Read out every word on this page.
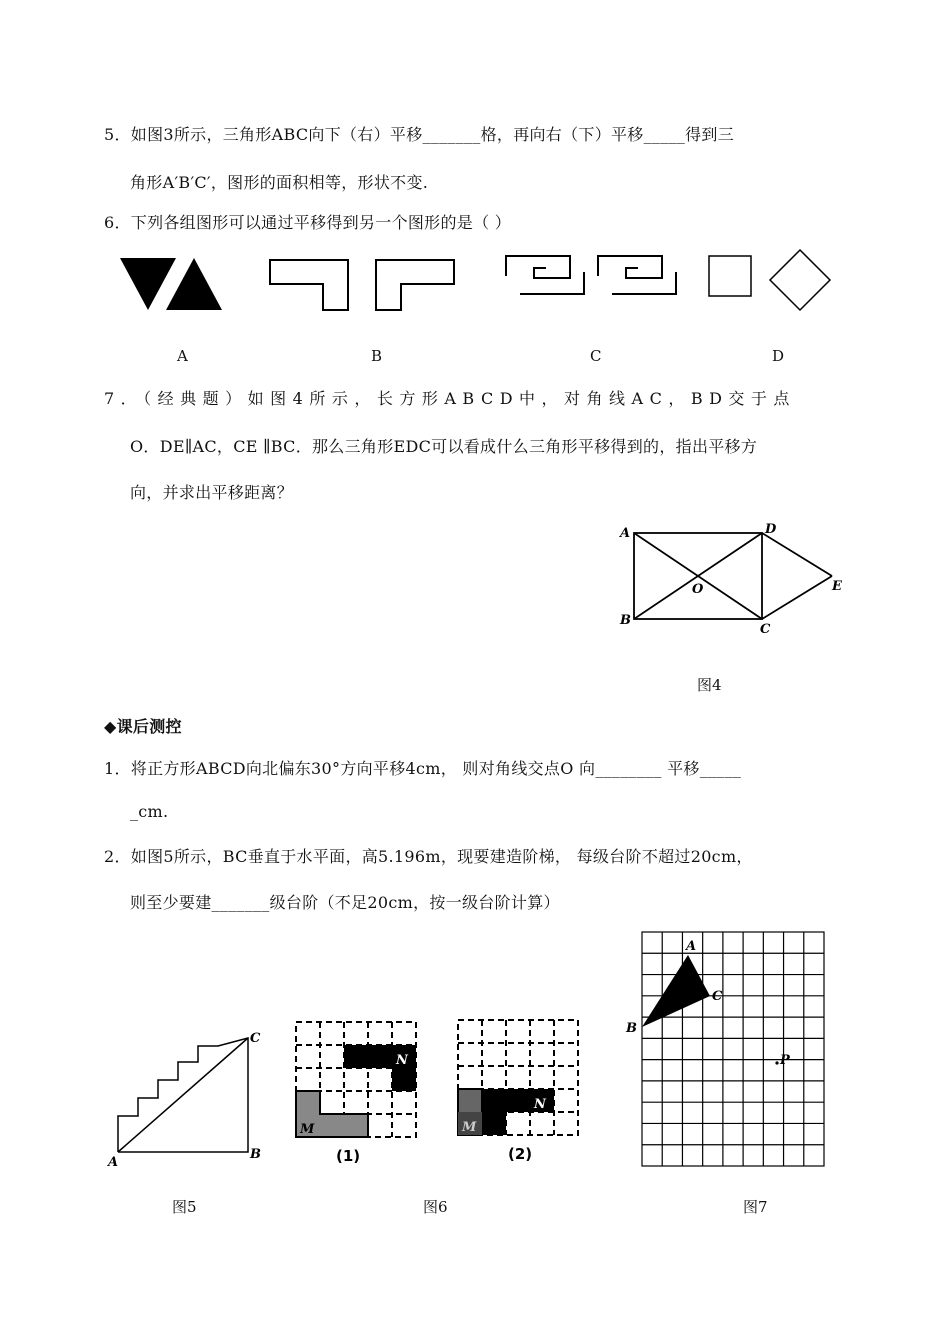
5．如图3所示，三角形ABC向下（右）平移_______格，再向右（下）平移_____得到三
角形A′B′C′，图形的面积相等，形状不变.
6．下列各组图形可以通过平移得到另一个图形的是（ ）
A	B	C	D
7．（经典题）如图4所示，长方形ABCD中，对角线AC，BD交于点
O．DE∥AC，CE ∥BC．那么三角形EDC可以看成什么三角形平移得到的，指出平移方
向，并求出平移距离？
A
B
C
D
O	E
图4
◆课后测控
1．将正方形ABCD向北偏东30°方向平移4cm， 则对角线交点O 向________ 平移_____
_cm.
2．如图5所示，BC垂直于水平面，高5.196m，现要建造阶梯， 每级台阶不超过20cm，
则至少要建_______级台阶（不足20cm，按一级台阶计算）
A
B
C
图5
N
M
(1)
N
M
(2)
图6
A
B
C
P
图7
